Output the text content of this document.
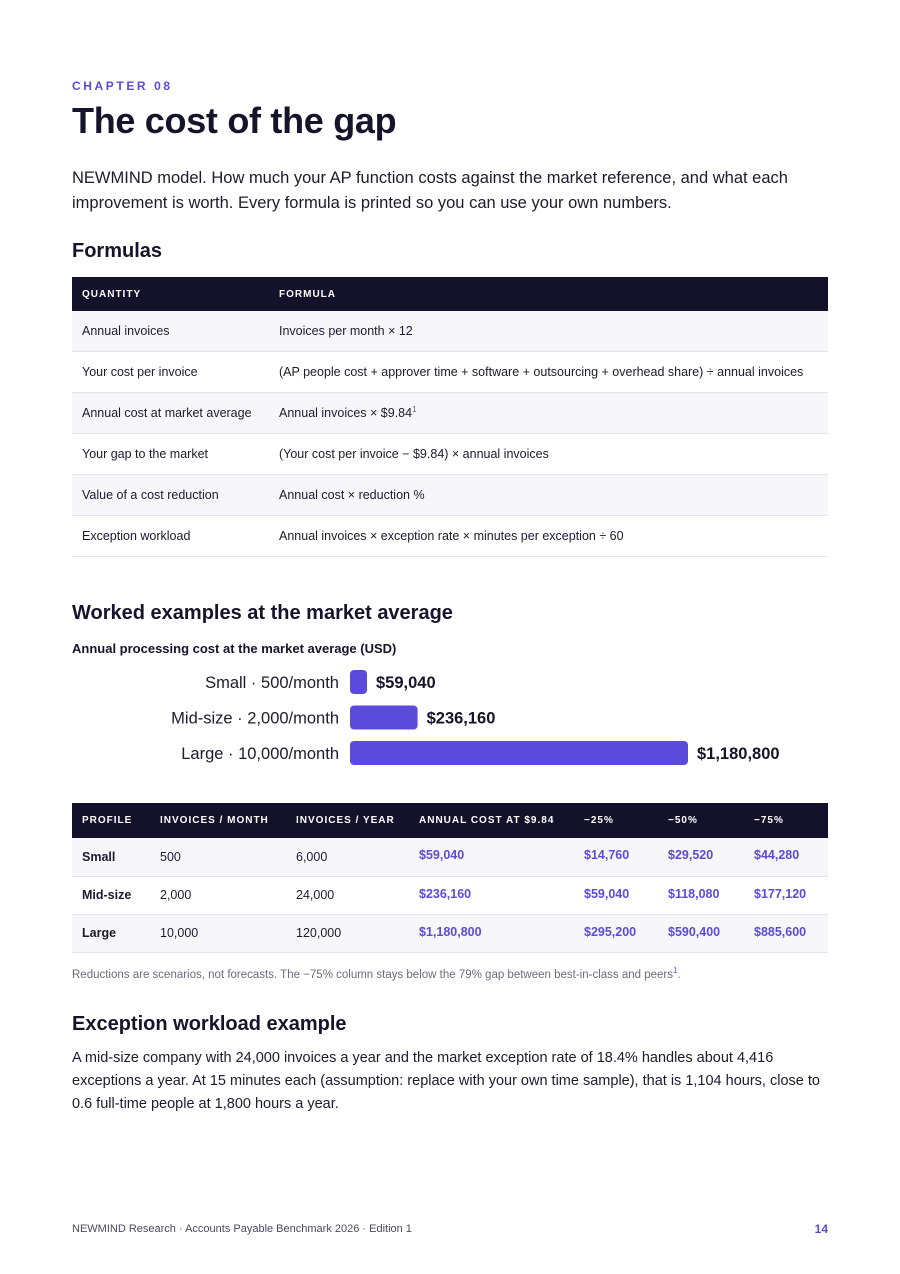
CHAPTER 08
The cost of the gap

NEWMIND model. How much your AP function costs against the market reference, and what each improvement is worth. Every formula is printed so you can use your own numbers.

Formulas
QUANTITY	FORMULA
Annual invoices	Invoices per month × 12
Your cost per invoice	(AP people cost + approver time + software + outsourcing + overhead share) ÷ annual invoices
Annual cost at market average	Annual invoices × $\$9.84^1$
Your gap to the market	(Your cost per invoice − $9.84) × annual invoices
Value of a cost reduction	Annual cost × reduction %
Exception workload	Annual invoices × exception rate × minutes per exception ÷ 60
Worked examples at the market average
Annual processing cost at the market average (USD)
Small · 500/month $59,040
Mid-size · 2,000/month	$236,160
Large · 10,000/month	$1,180,800
PROFILE	INVOICES / MONTH	INVOICES / YEAR	ANNUAL COST AT $9.84	−25%	−50%	−75%
Small	500	6,000	$59,040	$14,760	$29,520	$44,280
Mid-size	2,000	24,000	$236,160	$59,040	$118,080	$177,120
Large	10,000	120,000	$1,180,800	$295,200	$590,400	$885,600

Reductions are scenarios, not forecasts. The −75% column stays below the 79% gap between best-in-class and peers$^1$.

Exception workload example

A mid-size company with 24,000 invoices a year and the market exception rate of 18.4% handles about 4,416 exceptions a year. At 15 minutes each (assumption: replace with your own time sample), that is 1,104 hours, close to 0.6 full-time people at 1,800 hours a year.

NEWMIND Research · Accounts Payable Benchmark 2026 · Edition 1	14
